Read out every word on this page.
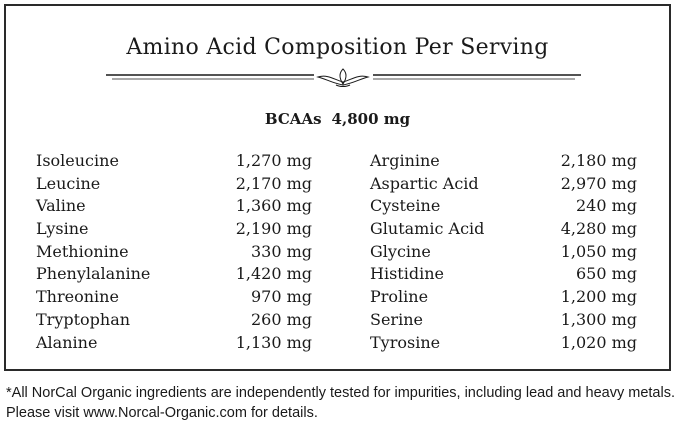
Amino Acid Composition Per Serving
BCAAs 4,800 mg
Isoleucine	1,270 mg
Leucine	2,170 mg
Valine	1,360 mg
Lysine	2,190 mg
Methionine	330 mg
Phenylalanine	1,420 mg
Threonine	970 mg
Tryptophan	260 mg
Alanine	1,130 mg
Arginine	2,180 mg
Aspartic Acid	2,970 mg
Cysteine	240 mg
Glutamic Acid	4,280 mg
Glycine	1,050 mg
Histidine	650 mg
Proline	1,200 mg
Serine	1,300 mg
Tyrosine	1,020 mg
*All NorCal Organic ingredients are independently tested for impurities, including lead and heavy metals. Please visit www.Norcal-Organic.com for details.
